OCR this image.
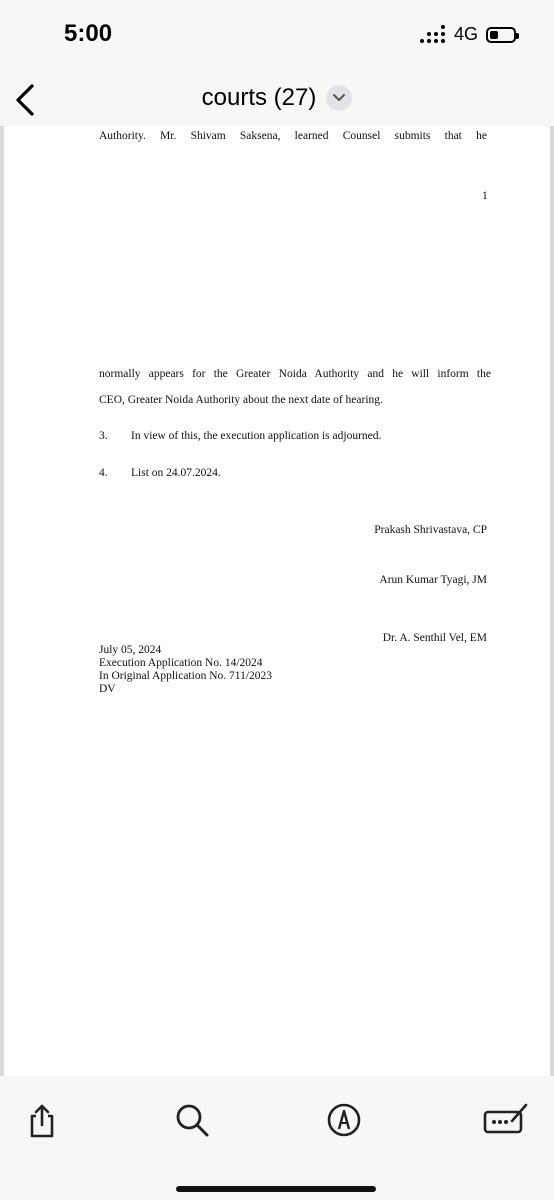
5:00	4G
courts (27)
Authority. Mr. Shivam Saksena, learned Counsel submits that he
1
normally appears for the Greater Noida Authority and he will inform the
CEO, Greater Noida Authority about the next date of hearing.
3. In view of this, the execution application is adjourned.
4. List on 24.07.2024.
Prakash Shrivastava, CP
Arun Kumar Tyagi, JM
Dr. A. Senthil Vel, EM
July 05, 2024
Execution Application No. 14/2024
In Original Application No. 711/2023
DV
